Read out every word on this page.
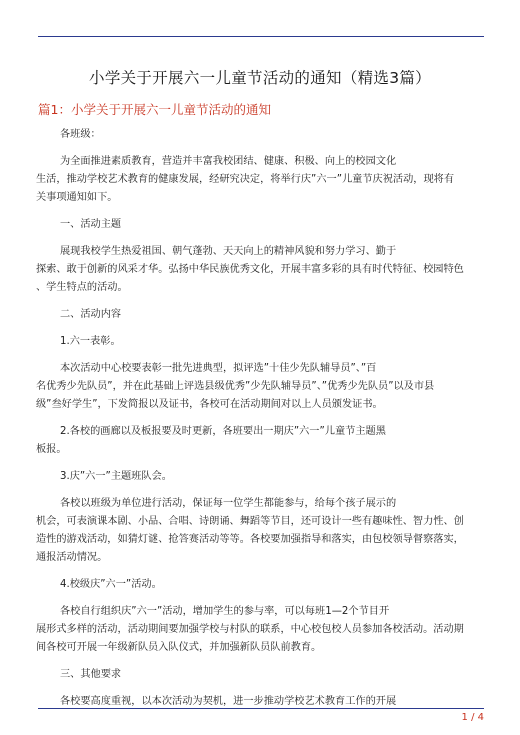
小学关于开展六一儿童节活动的通知（精选3篇）
篇1：小学关于开展六一儿童节活动的通知
各班级：
为全面推进素质教育，营造并丰富我校团结、健康、积极、向上的校园文化
生活，推动学校艺术教育的健康发展，经研究决定，将举行庆”六一”儿童节庆祝活动，现将有
关事项通知如下。
一、活动主题
展现我校学生热爱祖国、朝气蓬勃、天天向上的精神风貌和努力学习、勤于
探索、敢于创新的风采才华。弘扬中华民族优秀文化，开展丰富多彩的具有时代特征、校园特色
、学生特点的活动。
二、活动内容
1.六一表彰。
本次活动中心校要表彰一批先进典型，拟评选”十佳少先队辅导员”、”百
名优秀少先队员”，并在此基础上评选县级优秀”少先队辅导员”、”优秀少先队员”以及市县
级”叁好学生”，下发简报以及证书，各校可在活动期间对以上人员颁发证书。
2.各校的画廊以及板报要及时更新，各班要出一期庆”六一”儿童节主题黑
板报。
3.庆”六一”主题班队会。
各校以班级为单位进行活动，保证每一位学生都能参与，给每个孩子展示的
机会，可表演课本剧、小品、合唱、诗朗诵、舞蹈等节目，还可设计一些有趣味性、智力性、创
造性的游戏活动，如猜灯谜、抢答赛活动等等。各校要加强指导和落实，由包校领导督察落实，
通报活动情况。
4.校级庆”六一”活动。
各校自行组织庆”六一”活动，增加学生的参与率，可以每班1—2个节目开
展形式多样的活动，活动期间要加强学校与村队的联系，中心校包校人员参加各校活动。活动期
间各校可开展一年级新队员入队仪式，并加强新队员队前教育。
三、其他要求
各校要高度重视，以本次活动为契机，进一步推动学校艺术教育工作的开展
1 / 4
